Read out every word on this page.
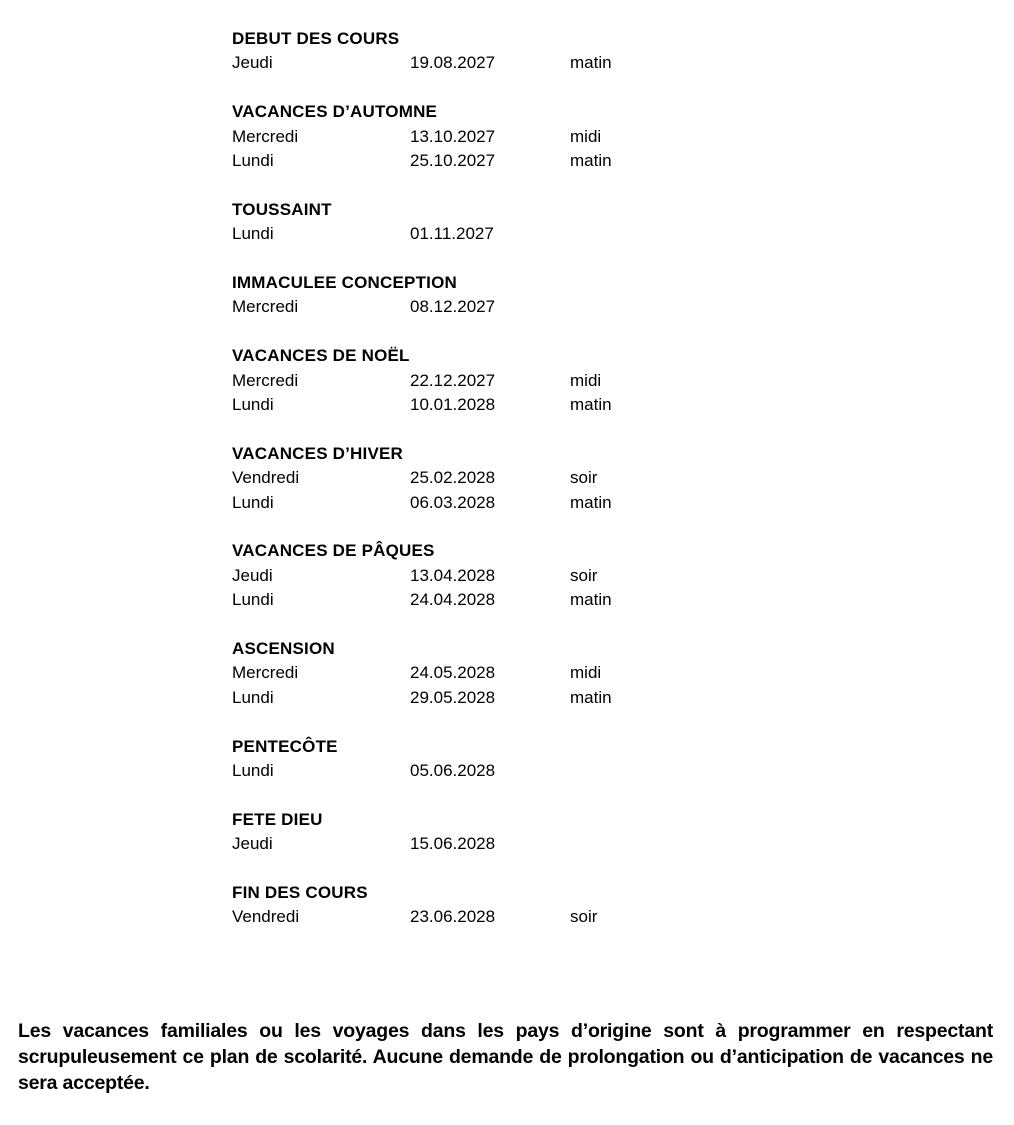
DEBUT DES COURS
Jeudi	19.08.2027	matin
VACANCES D’AUTOMNE
Mercredi	13.10.2027	midi
Lundi	25.10.2027	matin
TOUSSAINT
Lundi	01.11.2027
IMMACULEE CONCEPTION
Mercredi	08.12.2027
VACANCES DE NOËL
Mercredi	22.12.2027	midi
Lundi	10.01.2028	matin
VACANCES D’HIVER
Vendredi	25.02.2028	soir
Lundi	06.03.2028	matin
VACANCES DE PÂQUES
Jeudi	13.04.2028	soir
Lundi	24.04.2028	matin
ASCENSION
Mercredi	24.05.2028	midi
Lundi	29.05.2028	matin
PENTECÔTE
Lundi	05.06.2028
FETE DIEU
Jeudi	15.06.2028
FIN DES COURS
Vendredi	23.06.2028	soir

Les vacances familiales ou les voyages dans les pays d’origine sont à programmer en respectant scrupuleusement ce plan de scolarité. Aucune demande de prolongation ou d’anticipation de vacances ne sera acceptée.
